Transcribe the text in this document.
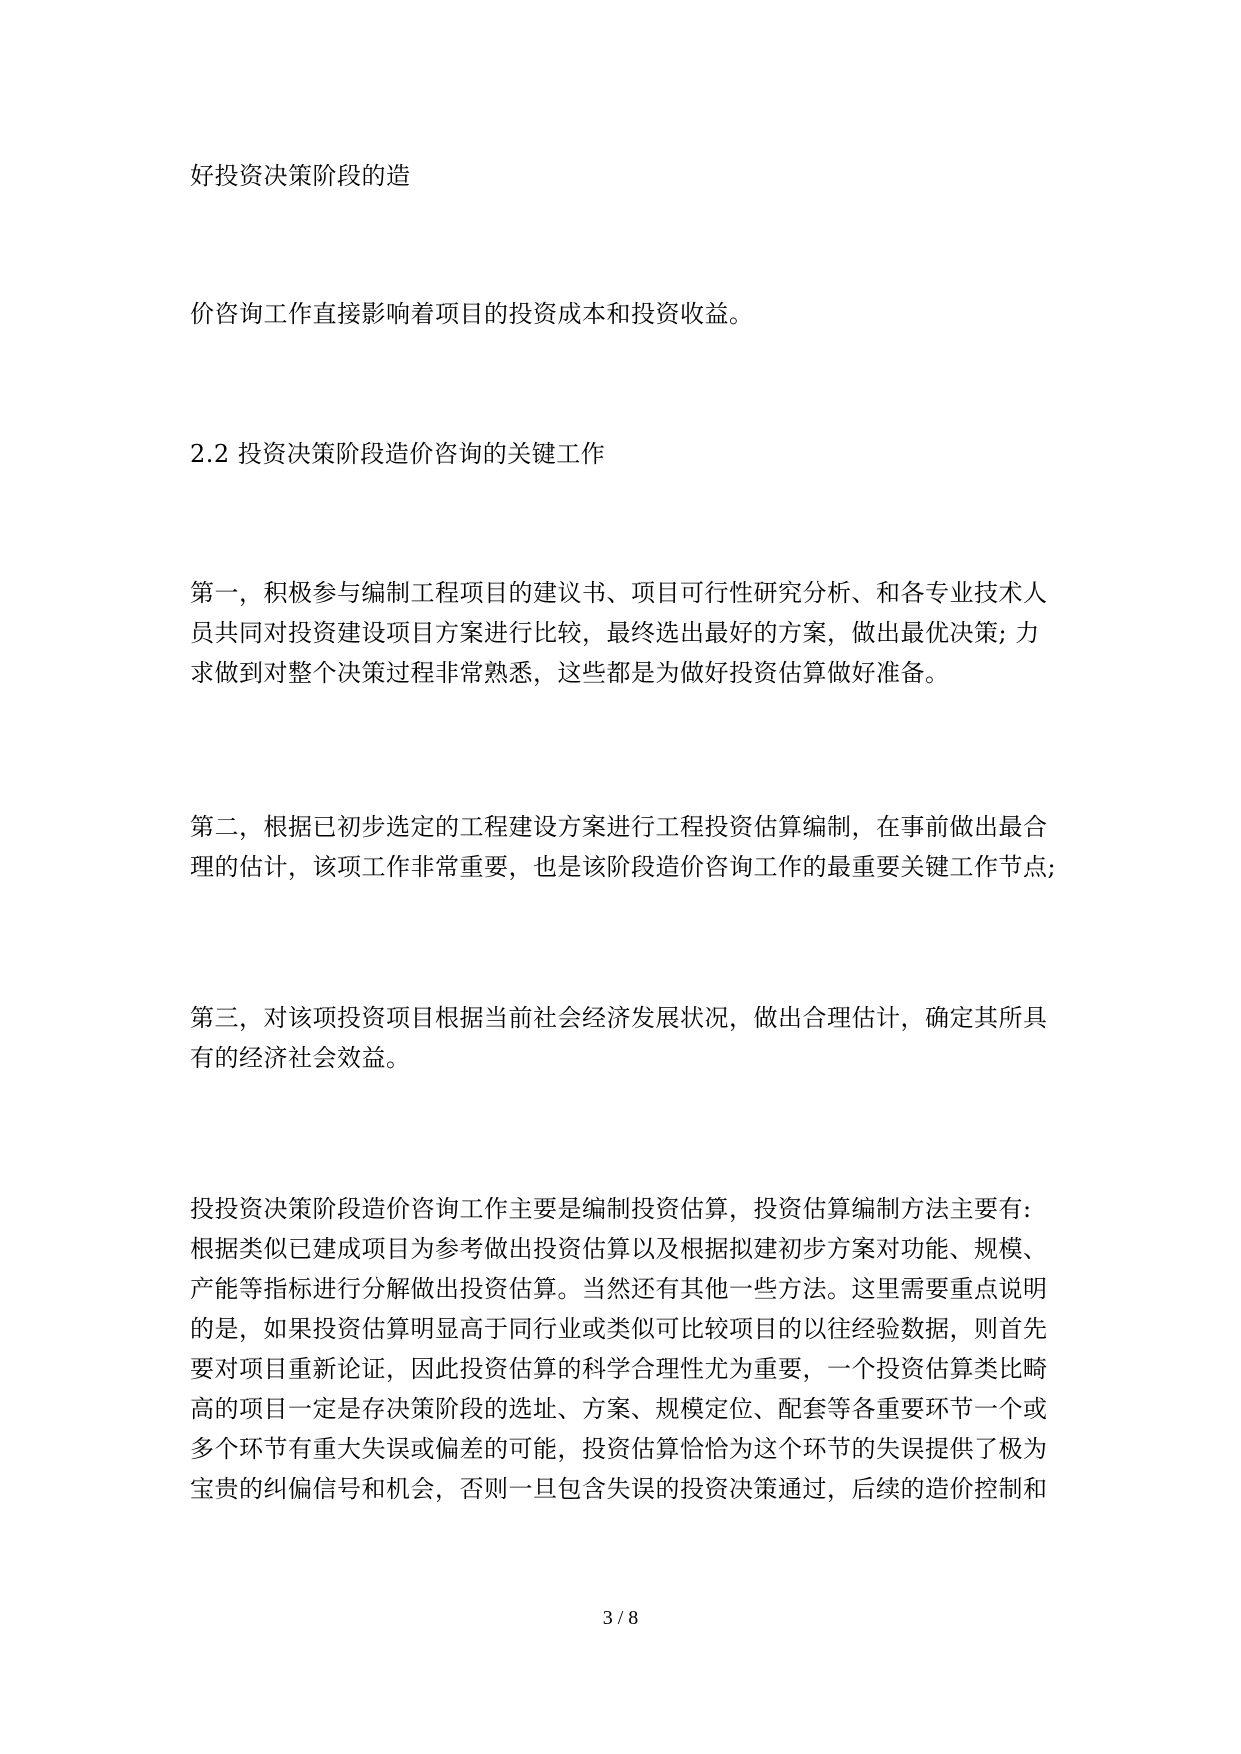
好投资决策阶段的造
价咨询工作直接影响着项目的投资成本和投资收益。
2.2 投资决策阶段造价咨询的关键工作
第一，积极参与编制工程项目的建议书、项目可行性研究分析、和各专业技术人
员共同对投资建设项目方案进行比较，最终选出最好的方案，做出最优决策; 力
求做到对整个决策过程非常熟悉，这些都是为做好投资估算做好准备。
第二，根据已初步选定的工程建设方案进行工程投资估算编制，在事前做出最合
理的估计，该项工作非常重要，也是该阶段造价咨询工作的最重要关键工作节点;
第三，对该项投资项目根据当前社会经济发展状况，做出合理估计，确定其所具
有的经济社会效益。
投投资决策阶段造价咨询工作主要是编制投资估算，投资估算编制方法主要有:
根据类似已建成项目为参考做出投资估算以及根据拟建初步方案对功能、规模、
产能等指标进行分解做出投资估算。当然还有其他一些方法。这里需要重点说明
的是，如果投资估算明显高于同行业或类似可比较项目的以往经验数据，则首先
要对项目重新论证，因此投资估算的科学合理性尤为重要，一个投资估算类比畸
高的项目一定是存决策阶段的选址、方案、规模定位、配套等各重要环节一个或
多个环节有重大失误或偏差的可能，投资估算恰恰为这个环节的失误提供了极为
宝贵的纠偏信号和机会，否则一旦包含失误的投资决策通过，后续的造价控制和
3 / 8
